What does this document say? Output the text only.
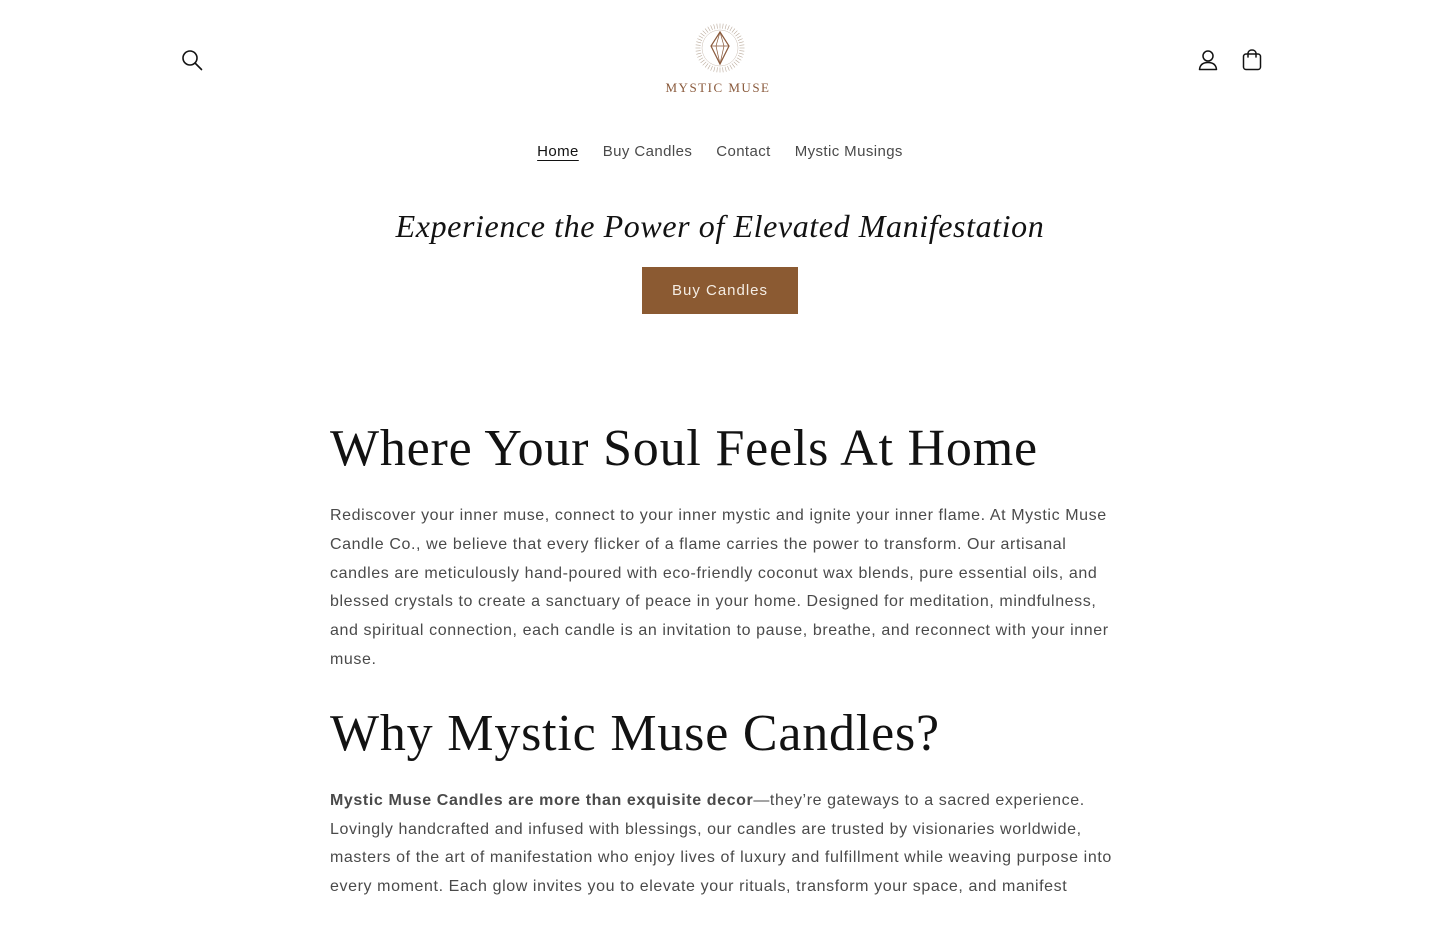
MYSTIC MUSE
Home	Buy Candles	Contact	Mystic Musings
Experience the Power of Elevated Manifestation
Buy Candles
Where Your Soul Feels At Home

Rediscover your inner muse, connect to your inner mystic and ignite your inner flame. At Mystic Muse Candle Co., we believe that every flicker of a flame carries the power to transform. Our artisanal candles are meticulously hand-poured with eco-friendly coconut wax blends, pure essential oils, and blessed crystals to create a sanctuary of peace in your home. Designed for meditation, mindfulness, and spiritual connection, each candle is an invitation to pause, breathe, and reconnect with your inner muse.

Why Mystic Muse Candles?

Mystic Muse Candles are more than exquisite decor—they’re gateways to a sacred experience. Lovingly handcrafted and infused with blessings, our candles are trusted by visionaries worldwide, masters of the art of manifestation who enjoy lives of luxury and fulfillment while weaving purpose into every moment. Each glow invites you to elevate your rituals, transform your space, and manifest
